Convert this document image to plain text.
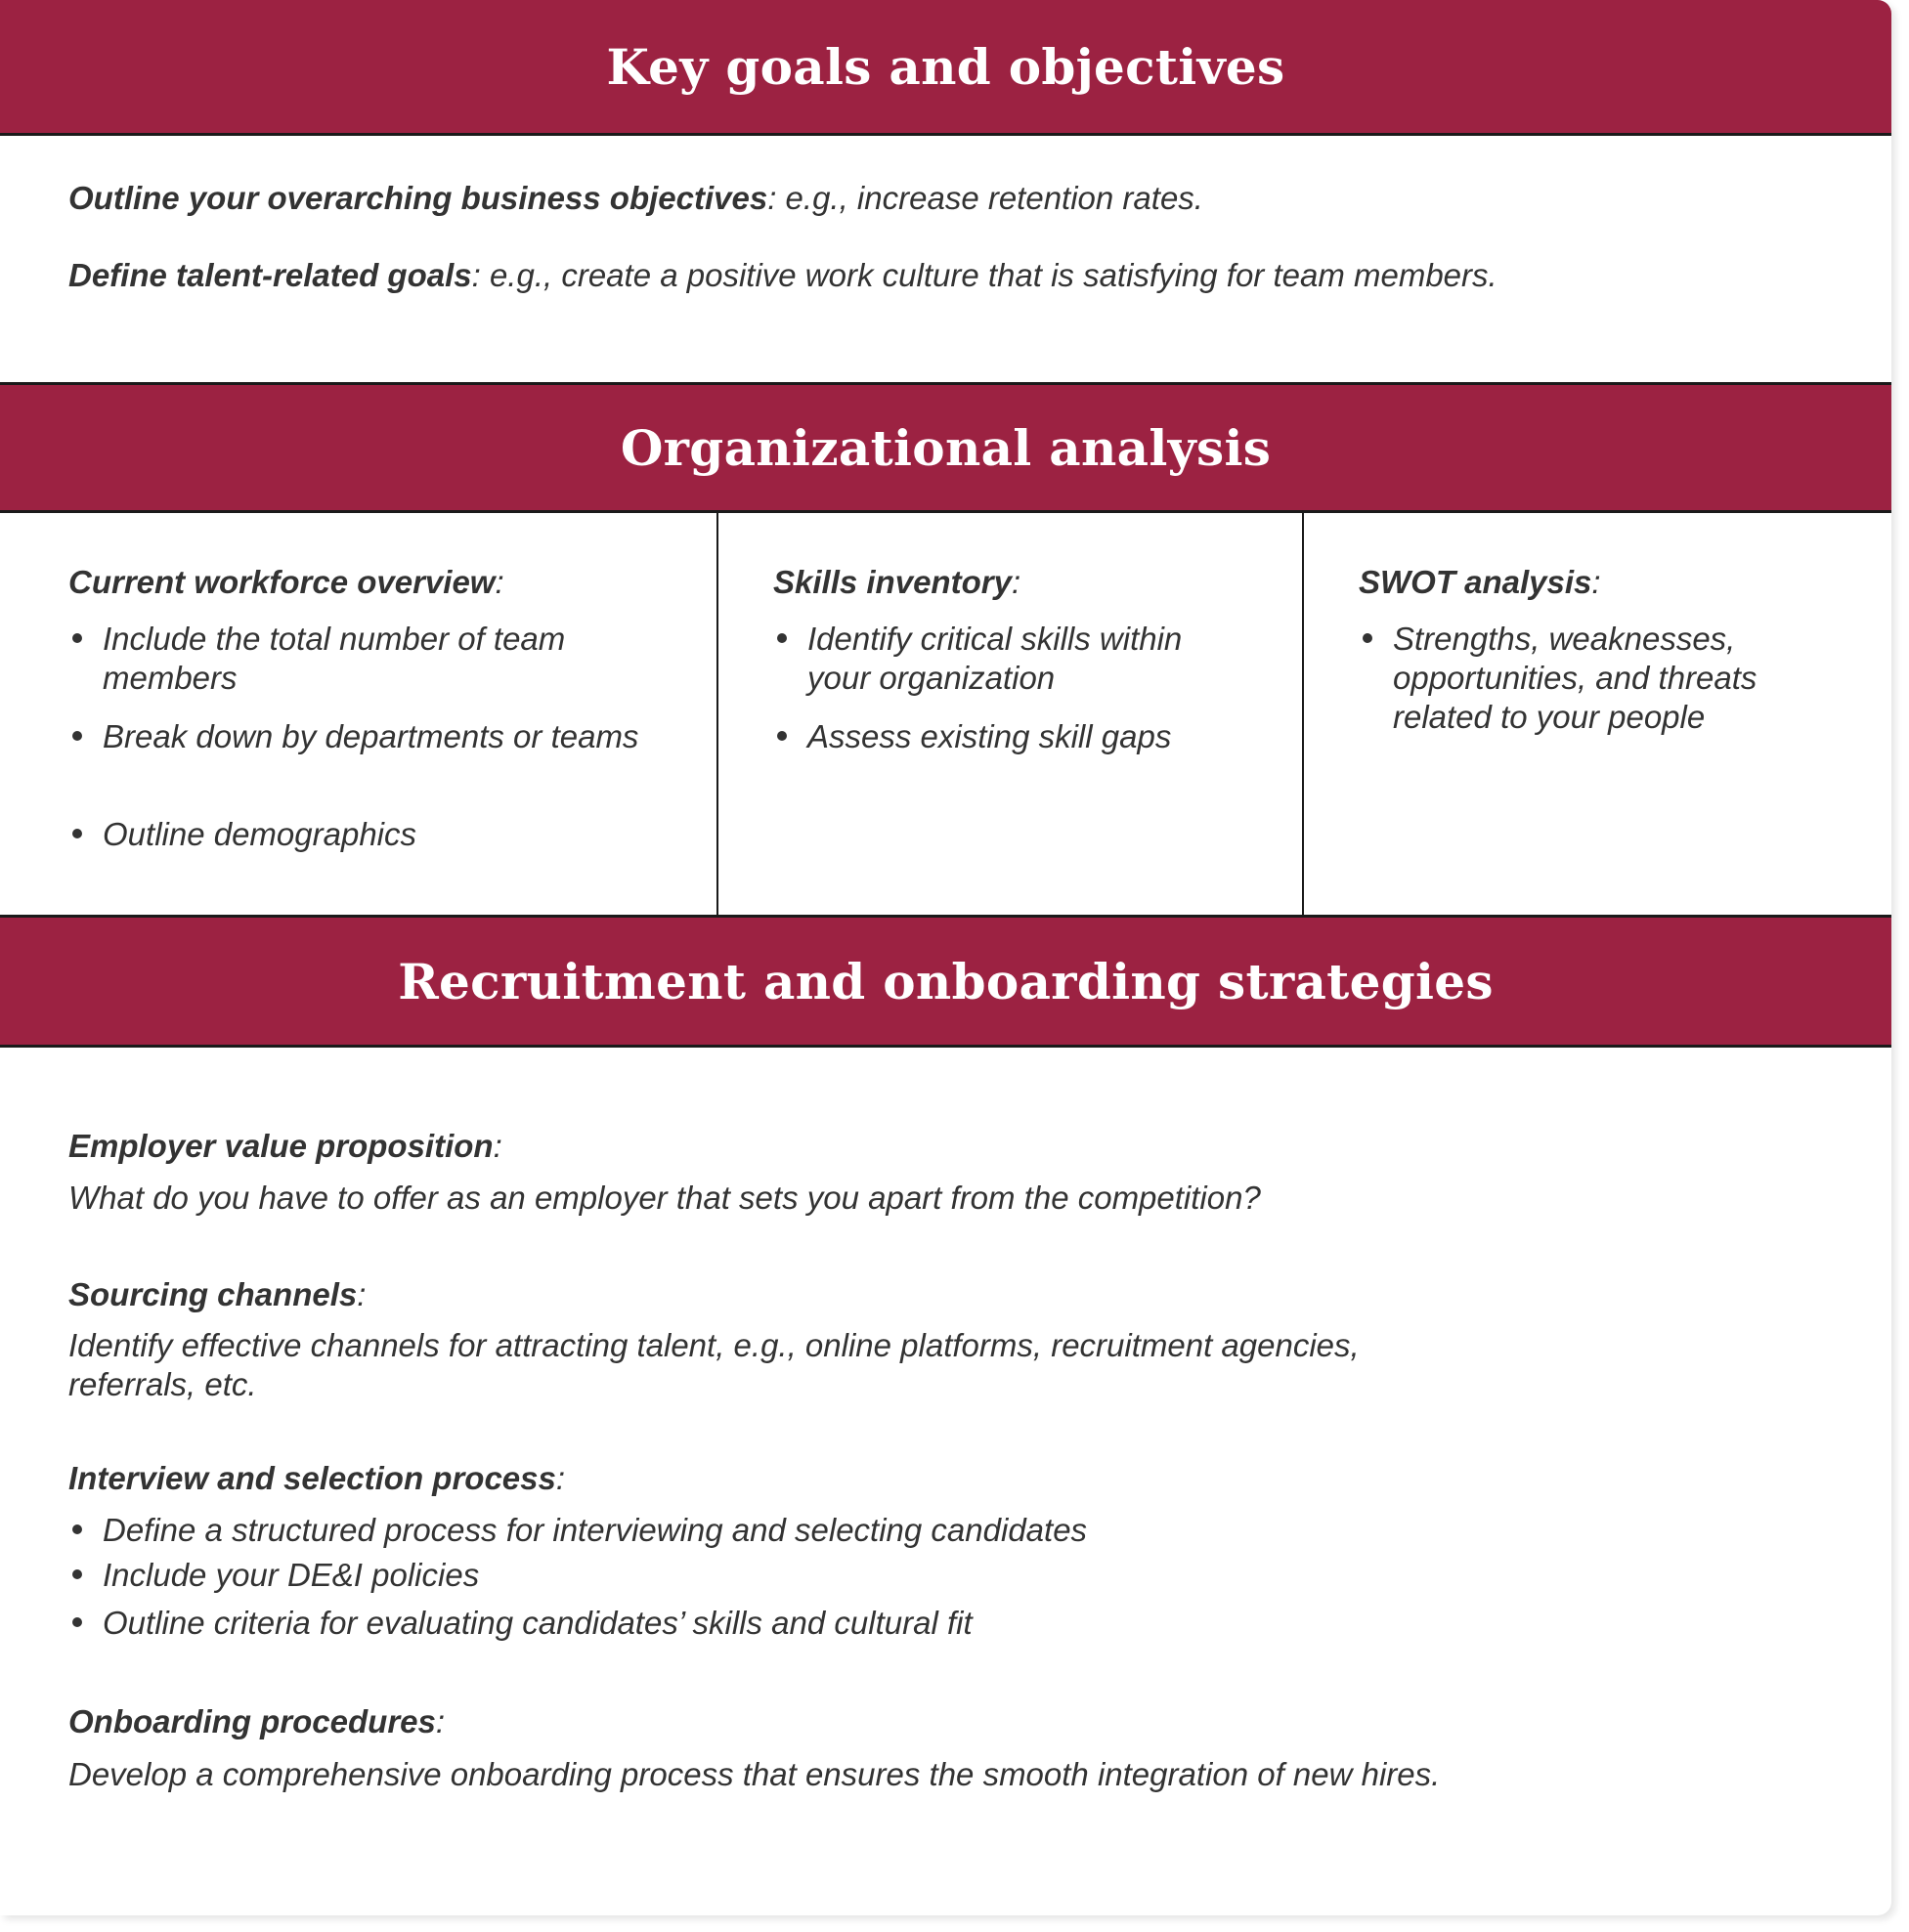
Key goals and objectives

Outline your overarching business objectives: e.g., increase retention rates.

Define talent-related goals: e.g., create a positive work culture that is satisfying for team members.

Organizational analysis

Current workforce overview:

Include the total number of team members

Break down by departments or teams

Outline demographics

Skills inventory:

Identify critical skills within your organization

Assess existing skill gaps

SWOT analysis:

Strengths, weaknesses, opportunities, and threats related to your people

Recruitment and onboarding strategies

Employer value proposition:

What do you have to offer as an employer that sets you apart from the competition?

Sourcing channels:

Identify effective channels for attracting talent, e.g., online platforms, recruitment agencies,

referrals, etc.

Interview and selection process:

Define a structured process for interviewing and selecting candidates

Include your DE&I policies

Outline criteria for evaluating candidates’ skills and cultural fit

Onboarding procedures:

Develop a comprehensive onboarding process that ensures the smooth integration of new hires.
